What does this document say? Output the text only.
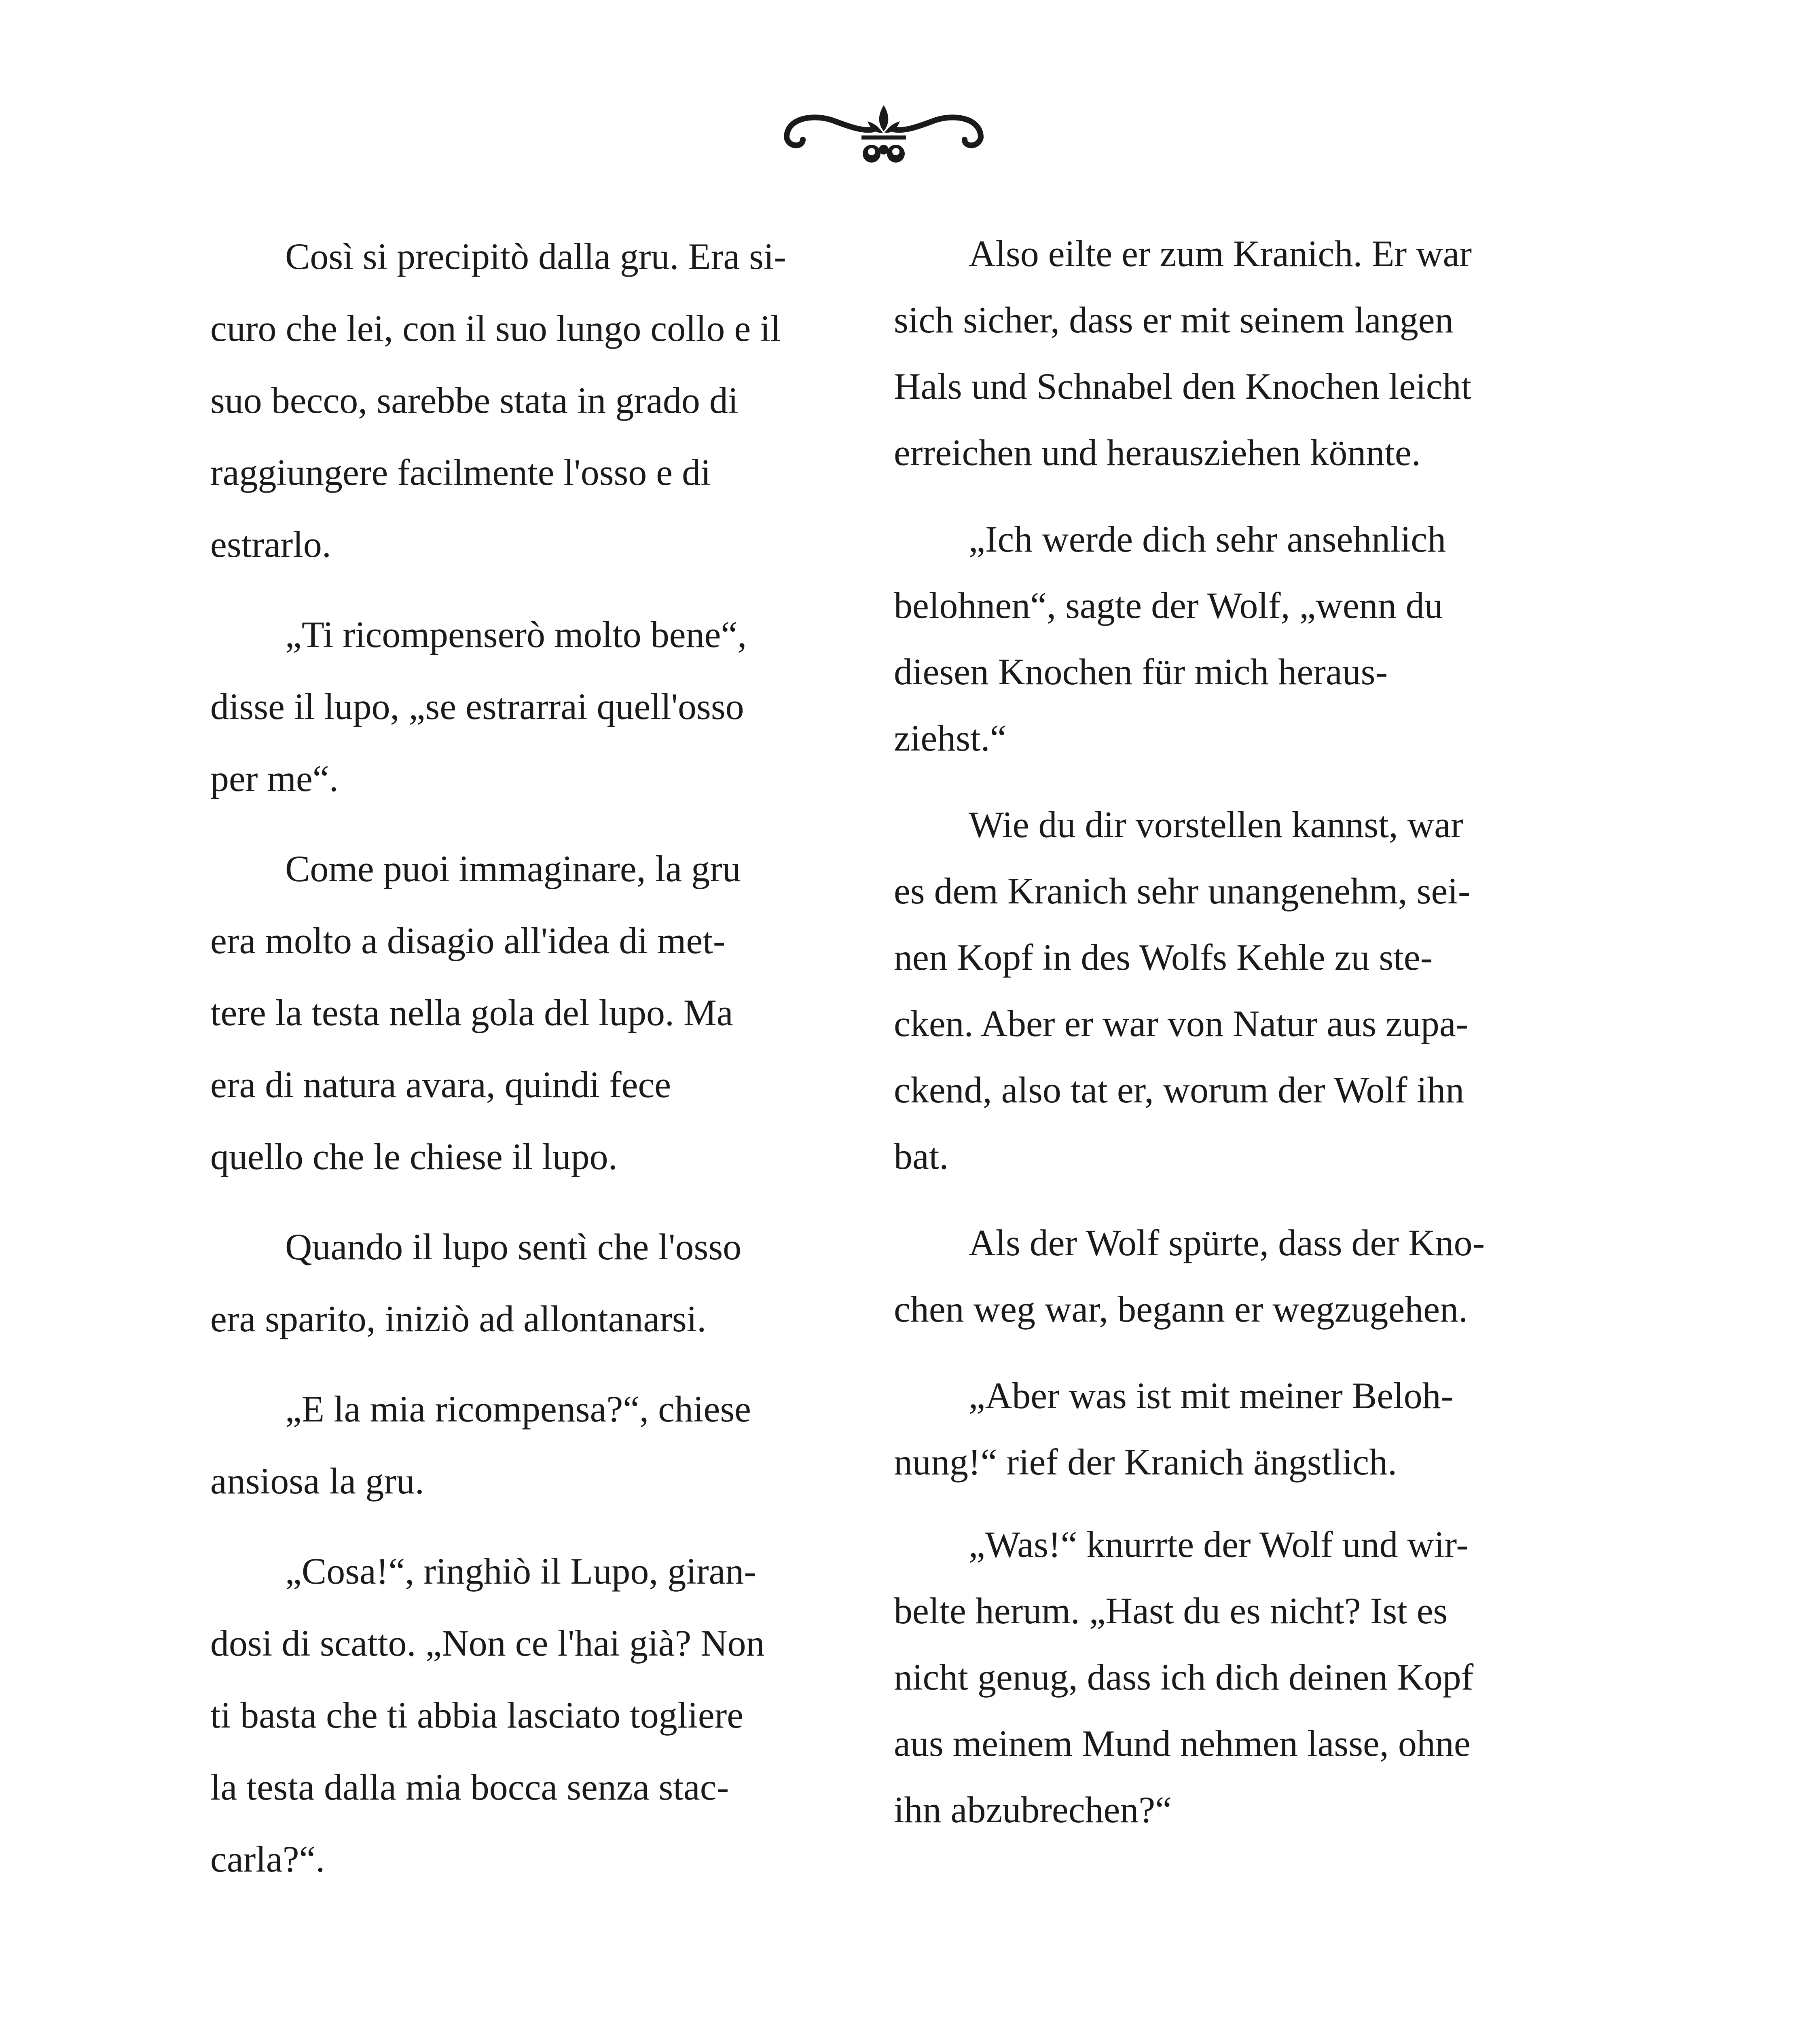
Così si precipitò dalla gru. Era si-
curo che lei, con il suo lungo collo e il
suo becco, sarebbe stata in grado di
raggiungere facilmente l'osso e di
estrarlo.

„Ti ricompenserò molto bene“,
disse il lupo, „se estrarrai quell'osso
per me“.

Come puoi immaginare, la gru
era molto a disagio all'idea di met-
tere la testa nella gola del lupo. Ma
era di natura avara, quindi fece
quello che le chiese il lupo.

Quando il lupo sentì che l'osso
era sparito, iniziò ad allontanarsi.

„E la mia ricompensa?“, chiese
ansiosa la gru.

„Cosa!“, ringhiò il Lupo, giran-
dosi di scatto. „Non ce l'hai già? Non
ti basta che ti abbia lasciato togliere
la testa dalla mia bocca senza stac-
carla?“.

Also eilte er zum Kranich. Er war
sich sicher, dass er mit seinem langen
Hals und Schnabel den Knochen leicht
erreichen und herausziehen könnte.

„Ich werde dich sehr ansehnlich
belohnen“, sagte der Wolf, „wenn du
diesen Knochen für mich heraus-
ziehst.“

Wie du dir vorstellen kannst, war
es dem Kranich sehr unangenehm, sei-
nen Kopf in des Wolfs Kehle zu ste-
cken. Aber er war von Natur aus zupa-
ckend, also tat er, worum der Wolf ihn
bat.

Als der Wolf spürte, dass der Kno-
chen weg war, begann er wegzugehen.

„Aber was ist mit meiner Beloh-
nung!“ rief der Kranich ängstlich.

„Was!“ knurrte der Wolf und wir-
belte herum. „Hast du es nicht? Ist es
nicht genug, dass ich dich deinen Kopf
aus meinem Mund nehmen lasse, ohne
ihn abzubrechen?“
